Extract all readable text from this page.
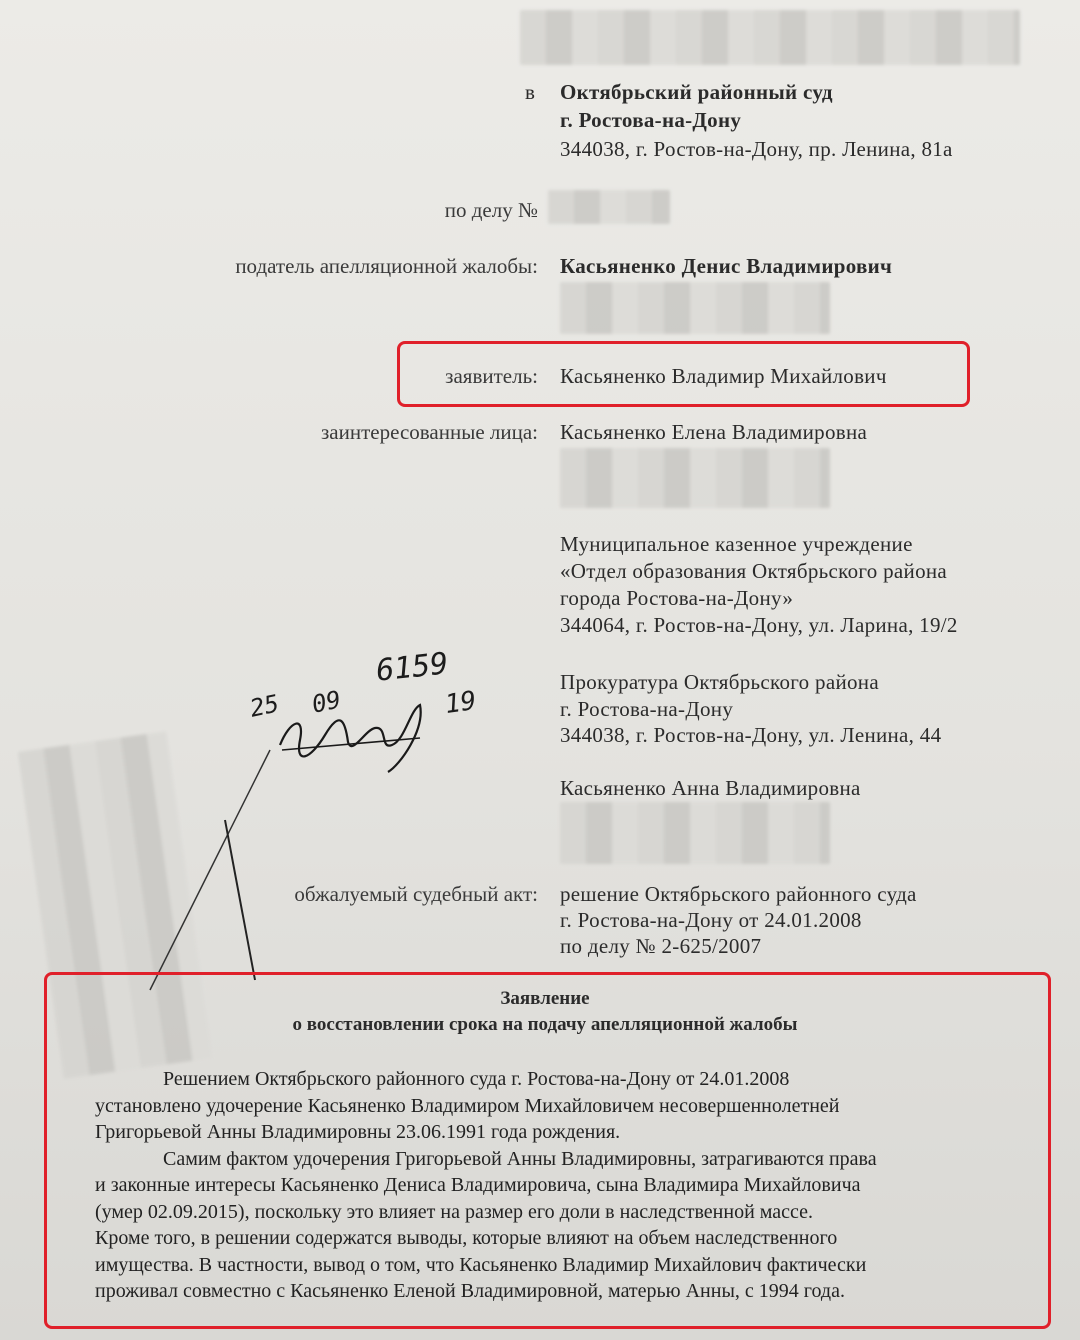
в Октябрьский районный суд
г. Ростова-на-Дону
344038, г. Ростов-на-Дону, пр. Ленина, 81а
по делу №
податель апелляционной жалобы: Касьяненко Денис Владимирович
заявитель: Касьяненко Владимир Михайлович
заинтересованные лица: Касьяненко Елена Владимировна
Муниципальное казенное учреждение
«Отдел образования Октябрьского района
города Ростова-на-Дону»
344064, г. Ростов-на-Дону, ул. Ларина, 19/2
Прокуратура Октябрьского района
г. Ростова-на-Дону
344038, г. Ростов-на-Дону, ул. Ленина, 44
Касьяненко Анна Владимировна
обжалуемый судебный акт: решение Октябрьского районного суда
г. Ростова-на-Дону от 24.01.2008
по делу № 2-625/2007
6159
25 09	19
Заявление
о восстановлении срока на подачу апелляционной жалобы
Решением Октябрьского районного суда г. Ростова-на-Дону от 24.01.2008
установлено удочерение Касьяненко Владимиром Михайловичем несовершеннолетней
Григорьевой Анны Владимировны 23.06.1991 года рождения.
Самим фактом удочерения Григорьевой Анны Владимировны, затрагиваются права
и законные интересы Касьяненко Дениса Владимировича, сына Владимира Михайловича
(умер 02.09.2015), поскольку это влияет на размер его доли в наследственной массе.
Кроме того, в решении содержатся выводы, которые влияют на объем наследственного
имущества. В частности, вывод о том, что Касьяненко Владимир Михайлович фактически
проживал совместно с Касьяненко Еленой Владимировной, матерью Анны, с 1994 года.
